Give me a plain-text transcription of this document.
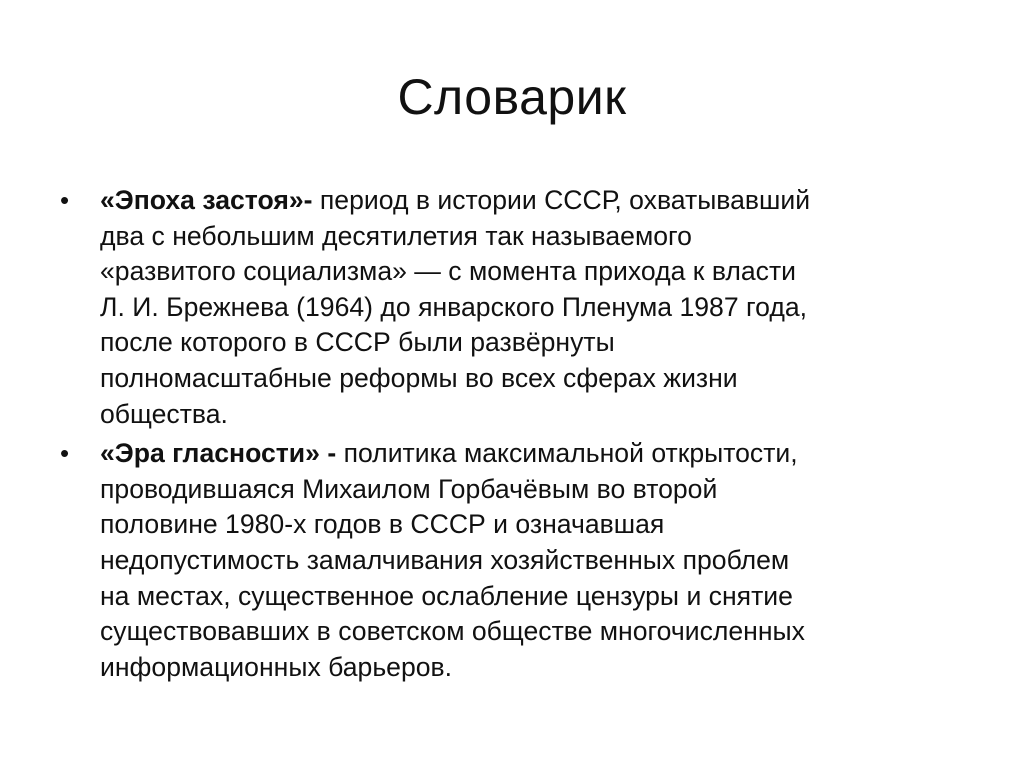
Словарик
• «Эпоха застоя»- период в истории СССР, охватывавший
два с небольшим десятилетия так называемого
«развитого социализма» — с момента прихода к власти
Л. И. Брежнева (1964) до январского Пленума 1987 года,
после которого в СССР были развёрнуты
полномасштабные реформы во всех сферах жизни
общества.
• «Эра гласности» - политика максимальной открытости,
проводившаяся Михаилом Горбачёвым во второй
половине 1980-х годов в СССР и означавшая
недопустимость замалчивания хозяйственных проблем
на местах, существенное ослабление цензуры и снятие
существовавших в советском обществе многочисленных
информационных барьеров.
